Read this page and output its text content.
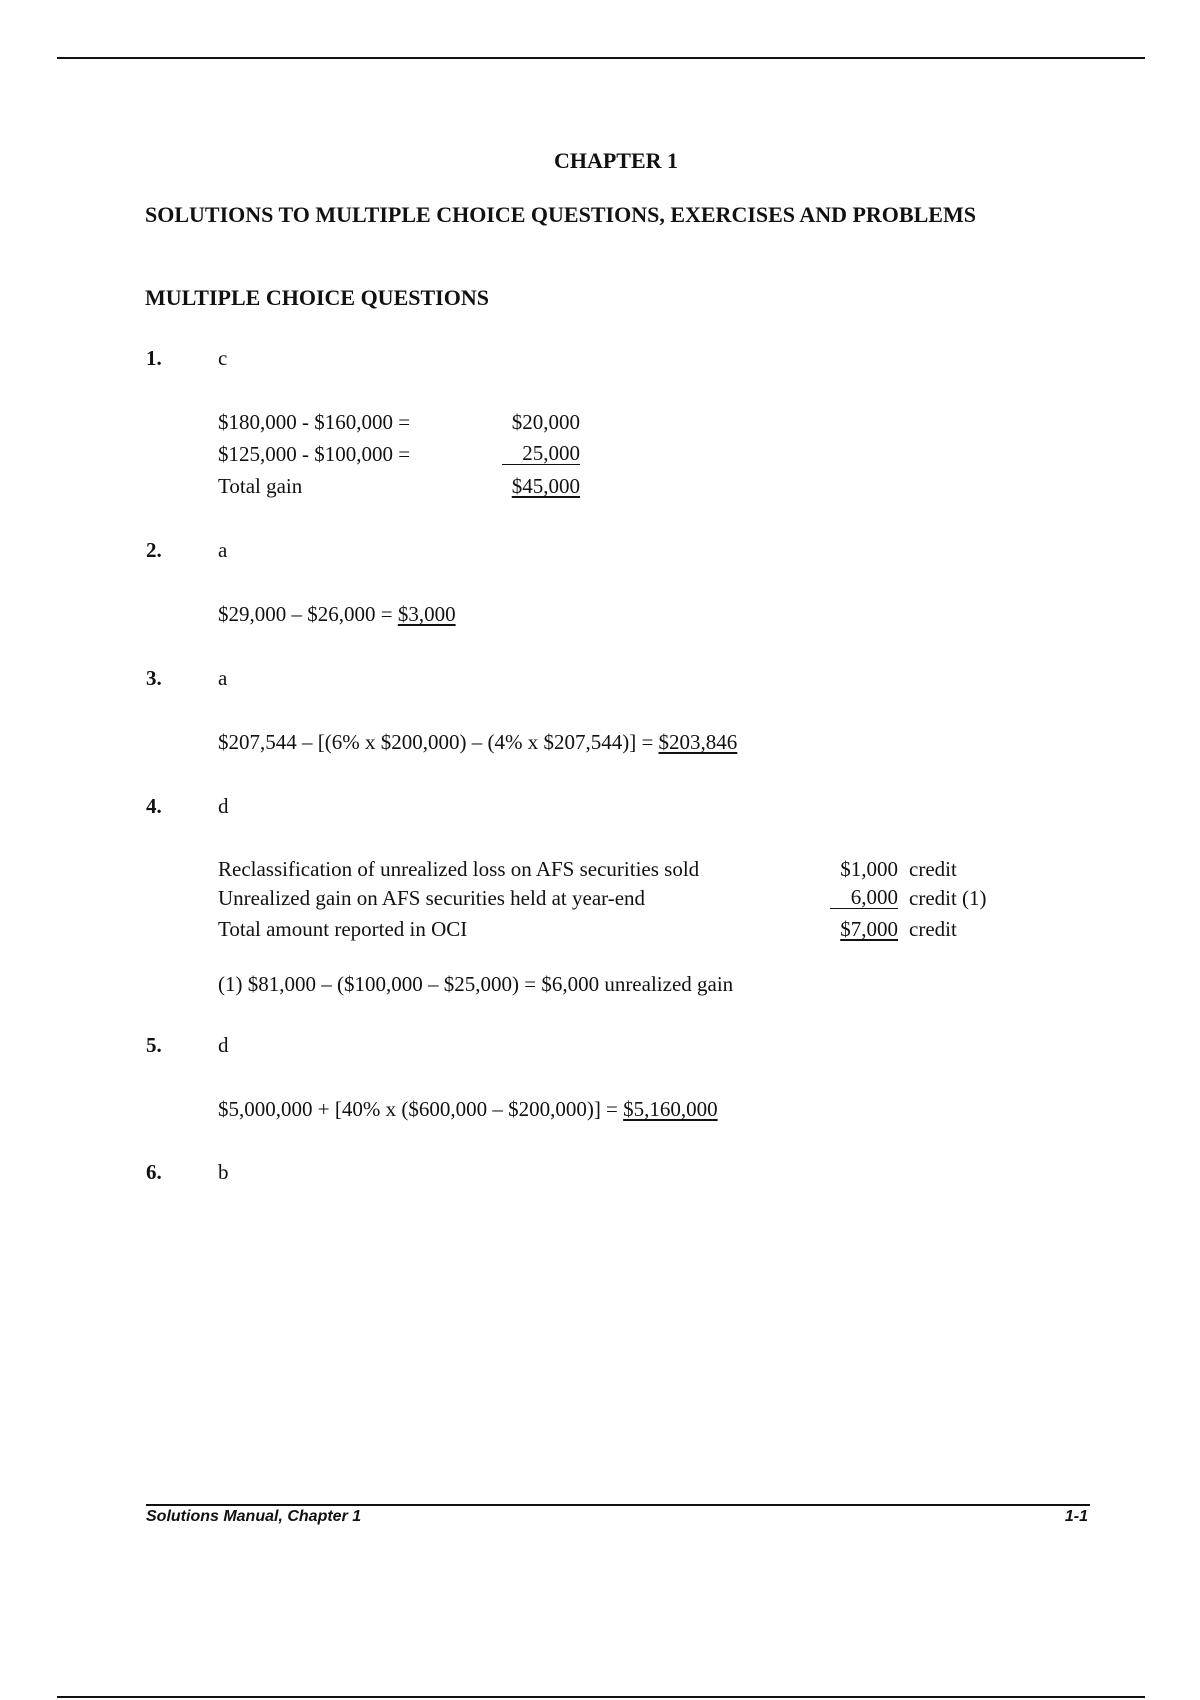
CHAPTER 1
SOLUTIONS TO MULTIPLE CHOICE QUESTIONS, EXERCISES AND PROBLEMS
MULTIPLE CHOICE QUESTIONS
1.	c
$180,000 - $160,000 =	$20,000
$125,000 - $100,000 =	25,000
Total gain	$45,000
2.	a
$29,000 – $26,000 = $3,000
3.	a
$207,544 – [(6% x $200,000) – (4% x $207,544)] = $203,846
4.	d
Reclassification of unrealized loss on AFS securities sold	$1,000 credit
Unrealized gain on AFS securities held at year-end	6,000 credit (1)
Total amount reported in OCI	$7,000 credit
(1) $81,000 – ($100,000 – $25,000) = $6,000 unrealized gain
5.	d
$5,000,000 + [40% x ($600,000 – $200,000)] = $5,160,000
6.	b
Solutions Manual, Chapter 1	1-1
